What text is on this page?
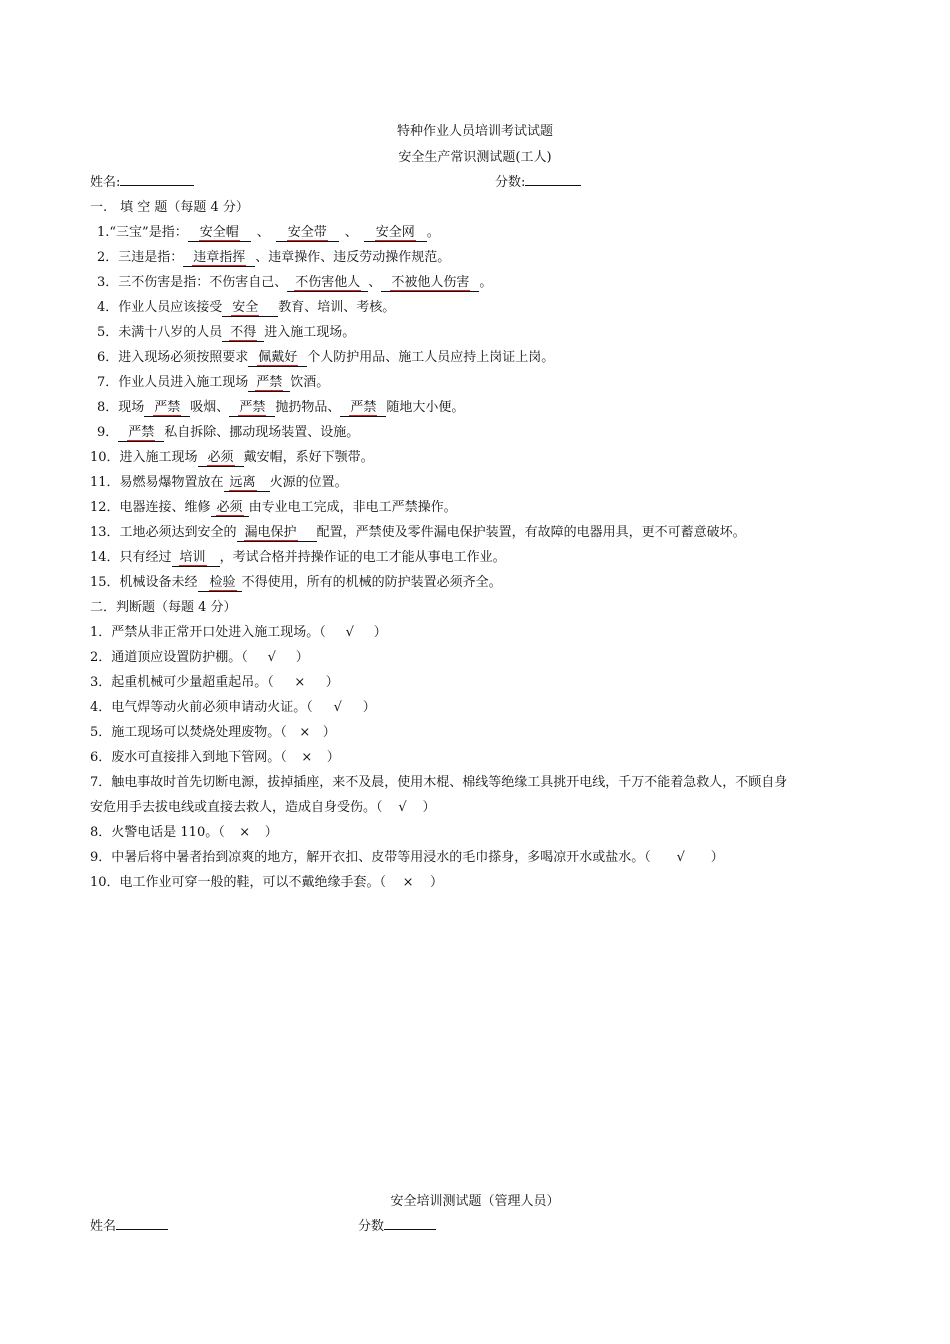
特种作业人员培训考试试题
安全生产常识测试题(工人)
姓名:	分数:
一.　填 空 题（每题 4 分）
1.“三宝”是指： 安全帽 、 安全带 、 安全网 。
2．三违是指： 违章指挥 、违章操作、违反劳动操作规范。
3．三不伤害是指：不伤害自己、 不伤害他人 、 不被他人伤害 。
4．作业人员应该接受 安全 教育、培训、考核。
5．未满十八岁的人员 不得 进入施工现场。
6．进入现场必须按照要求 佩戴好 个人防护用品、施工人员应持上岗证上岗。
7．作业人员进入施工现场 严禁 饮酒。
8．现场 严禁 吸烟、 严禁 抛扔物品、 严禁 随地大小便。
9． 严禁 私自拆除、挪动现场装置、设施。
10．进入施工现场 必须 戴安帽，系好下颚带。
11．易燃易爆物置放在 远离 火源的位置。
12．电器连接、维修 必须 由专业电工完成，非电工严禁操作。
13．工地必须达到安全的 漏电保护 配置，严禁使及零件漏电保护装置，有故障的电器用具，更不可蓄意破坏。
14．只有经过 培训 ，考试合格并持操作证的电工才能从事电工作业。
15．机械设备未经 检验 不得使用，所有的机械的防护装置必须齐全。
二．判断题（每题 4 分）
1．严禁从非正常开口处进入施工现场。（ √ ）
2．通道顶应设置防护棚。（ √ ）
3．起重机械可少量超重起吊。（ × ）
4．电气焊等动火前必须申请动火证。（ √ ）
5．施工现场可以焚烧处理废物。（ × ）
6．废水可直接排入到地下管网。（ × ）
7．触电事故时首先切断电源，拔掉插座，来不及晨，使用木棍、棉线等绝缘工具挑开电线，千万不能着急救人，不顾自身
安危用手去拔电线或直接去救人，造成自身受伤。（ √ ）
8．火警电话是 110。（ × ）
9．中暑后将中暑者抬到凉爽的地方，解开衣扣、皮带等用浸水的毛巾搽身，多喝凉开水或盐水。（ √ ）
10．电工作业可穿一般的鞋，可以不戴绝缘手套。（ × ）
安全培训测试题（管理人员）
姓名	分数
